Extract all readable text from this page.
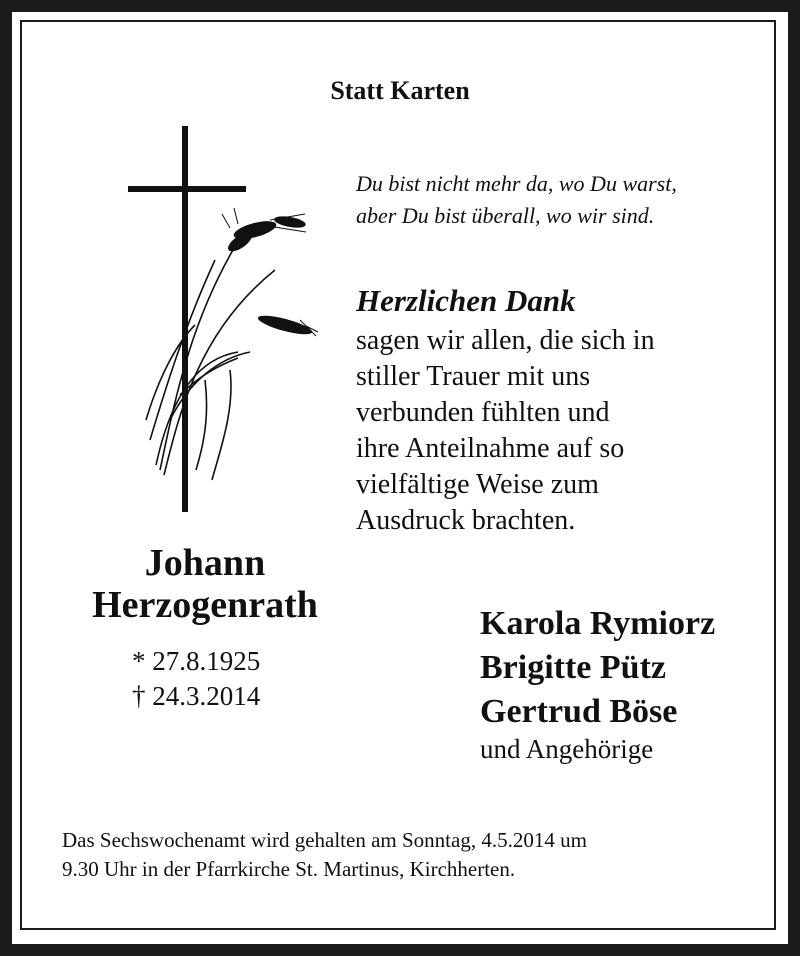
Statt Karten
Du bist nicht mehr da, wo Du warst,
aber Du bist überall, wo wir sind.
Herzlichen Dank
sagen wir allen, die sich in
stiller Trauer mit uns
verbunden fühlten und
ihre Anteilnahme auf so
vielfältige Weise zum
Ausdruck brachten.
Johann
Herzogenrath
* 27.8.1925
† 24.3.2014
Karola Rymiorz
Brigitte Pütz
Gertrud Böse
und Angehörige
Das Sechswochenamt wird gehalten am Sonntag, 4.5.2014 um
9.30 Uhr in der Pfarrkirche St. Martinus, Kirchherten.
